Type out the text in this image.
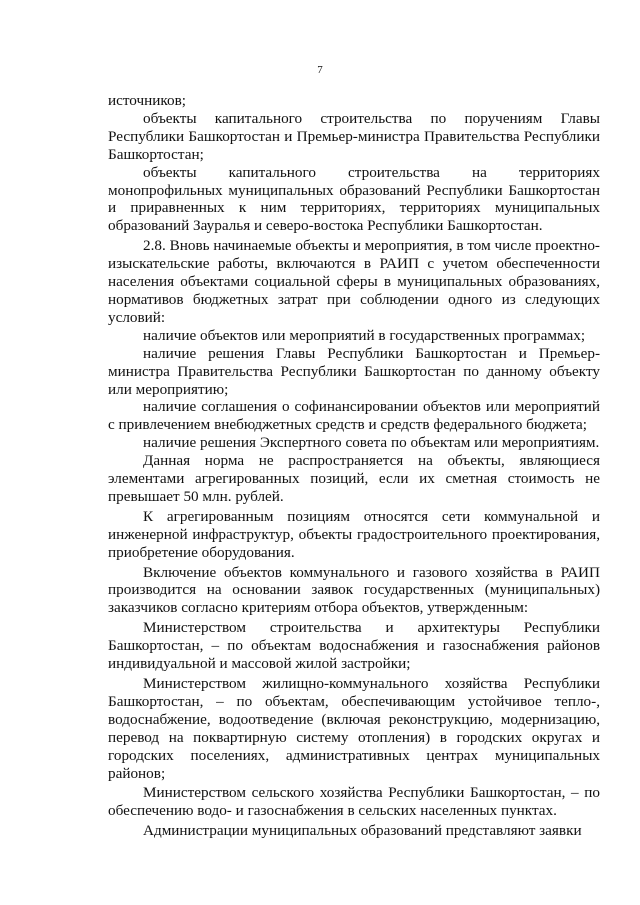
7

источников;

объекты капитального строительства по поручениям Главы Республики Башкортостан и Премьер-министра Правительства Республики Башкортостан;

объекты капитального строительства на территориях монопрофильных муниципальных образований Республики Башкортостан и приравненных к ним территориях, территориях муниципальных образований Зауралья и северо-востока Республики Башкортостан.

2.8. Вновь начинаемые объекты и мероприятия, в том числе проектно-изыскательские работы, включаются в РАИП с учетом обеспеченности населения объектами социальной сферы в муниципальных образованиях, нормативов бюджетных затрат при соблюдении одного из следующих условий:

наличие объектов или мероприятий в государственных программах;

наличие решения Главы Республики Башкортостан и Премьер-министра Правительства Республики Башкортостан по данному объекту или мероприятию;

наличие соглашения о софинансировании объектов или мероприятий с привлечением внебюджетных средств и средств федерального бюджета;

наличие решения Экспертного совета по объектам или мероприятиям.

Данная норма не распространяется на объекты, являющиеся элементами агрегированных позиций, если их сметная стоимость не превышает 50 млн. рублей.

К агрегированным позициям относятся сети коммунальной и инженерной инфраструктур, объекты градостроительного проектирования, приобретение оборудования.

Включение объектов коммунального и газового хозяйства в РАИП производится на основании заявок государственных (муниципальных) заказчиков согласно критериям отбора объектов, утвержденным:

Министерством строительства и архитектуры Республики Башкортостан, – по объектам водоснабжения и газоснабжения районов индивидуальной и массовой жилой застройки;

Министерством жилищно-коммунального хозяйства Республики Башкортостан, – по объектам, обеспечивающим устойчивое тепло-, водоснабжение, водоотведение (включая реконструкцию, модернизацию, перевод на поквартирную систему отопления) в городских округах и городских поселениях, административных центрах муниципальных районов;

Министерством сельского хозяйства Республики Башкортостан, – по обеспечению водо- и газоснабжения в сельских населенных пунктах.

Администрации муниципальных образований представляют заявки
